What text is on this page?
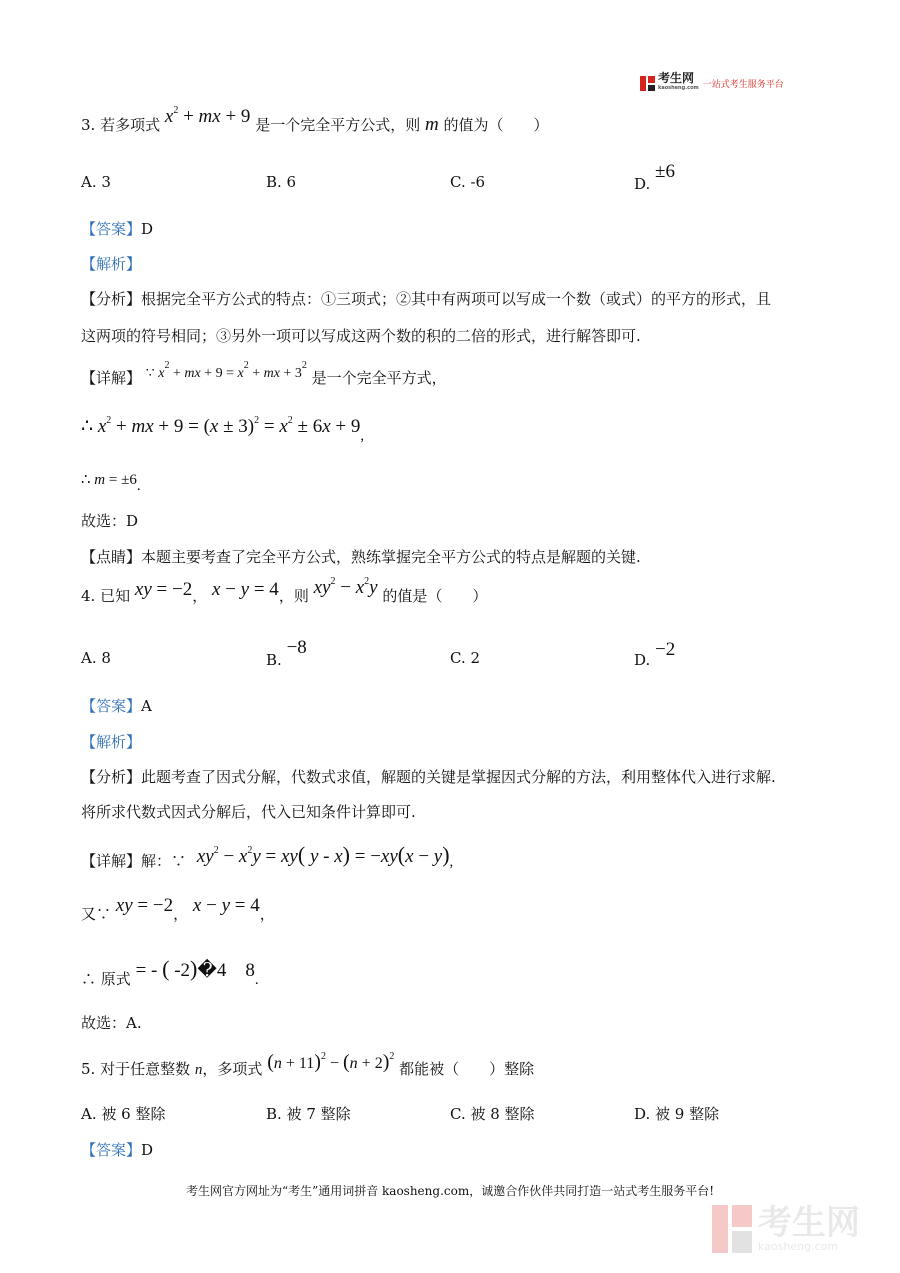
考生网
kaosheng.com 一站式考生服务平台
3. 若多项式 $x^2$ + mx + 9 是一个完全平方公式，则 m 的值为（　　）
A. 3	B. 6	C. -6	D. ±6
【答案】D
【解析】
【分析】根据完全平方公式的特点：①三项式；②其中有两项可以写成一个数（或式）的平方的形式，且
这两项的符号相同；③另外一项可以写成这两个数的积的二倍的形式，进行解答即可.
【详解】 ∵ $x^2$ + mx + $9 = x^2$ + mx + $3^2$ 是一个完全平方式，
∴ $x^2$ + mx + $9 = (x \pm 3)^2 = x^2 \pm 6x + 9_,$
∴ m = ±6.
故选：D
【点睛】本题主要考查了完全平方公式，熟练掌握完全平方公式的特点是解题的关键.
4. 已知 xy = −2， x − y = 4，则 $xy^2 - x^2y$ 的值是（　　）
A. 8	B. −8	C. 2	D. −2
【答案】A
【解析】
【分析】此题考查了因式分解，代数式求值，解题的关键是掌握因式分解的方法，利用整体代入进行求解.
将所求代数式因式分解后，代入已知条件计算即可.
【详解】解：∵ $xy^2 - x^2y = xy$( y - x) = −xy(x − y),
又∵ xy = −2， x − y = 4，
∴ 原式 = - ( -2)�4　8.
故选：A.
5. 对于任意整数 n，多项式 $(n + 11)^2 - (n + 2)^2$ 都能被（　　）整除
A. 被 6 整除	B. 被 7 整除	C. 被 8 整除	D. 被 9 整除
【答案】D
考生网官方网址为“考生”通用词拼音 kaosheng.com，诚邀合作伙伴共同打造一站式考生服务平台!
考生网
kaosheng.com
